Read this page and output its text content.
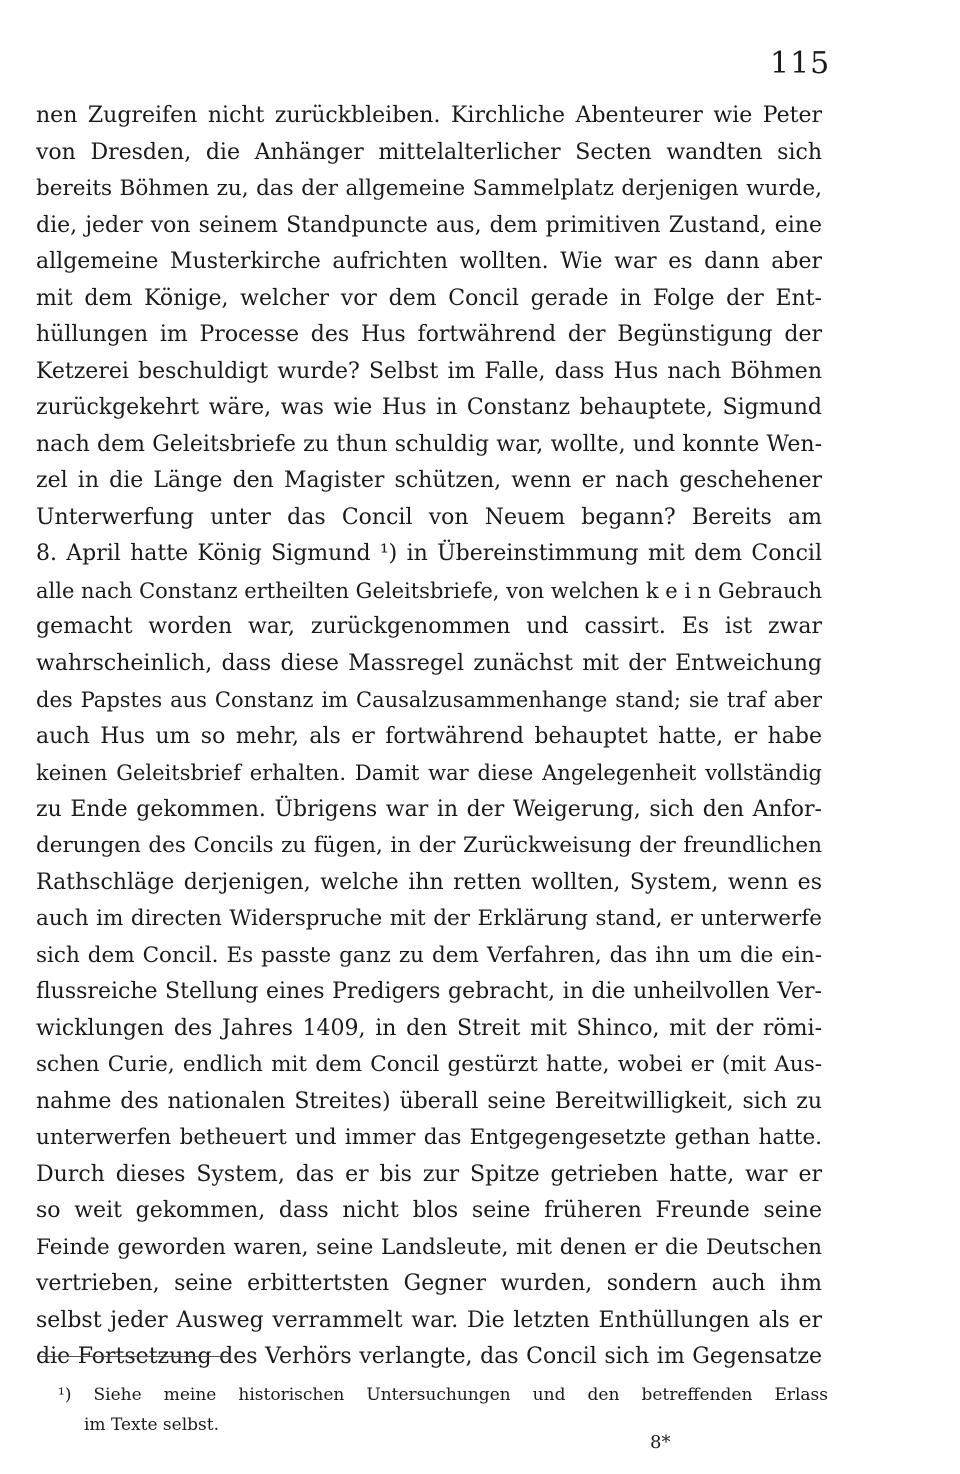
115
nen Zugreifen nicht zurückbleiben. Kirchliche Abenteurer wie Peter
von Dresden, die Anhänger mittelalterlicher Secten wandten sich
bereits Böhmen zu, das der allgemeine Sammelplatz derjenigen wurde,
die, jeder von seinem Standpuncte aus, dem primitiven Zustand, eine
allgemeine Musterkirche aufrichten wollten. Wie war es dann aber
mit dem Könige, welcher vor dem Concil gerade in Folge der Ent-
hüllungen im Processe des Hus fortwährend der Begünstigung der
Ketzerei beschuldigt wurde? Selbst im Falle, dass Hus nach Böhmen
zurückgekehrt wäre, was wie Hus in Constanz behauptete, Sigmund
nach dem Geleitsbriefe zu thun schuldig war, wollte, und konnte Wen-
zel in die Länge den Magister schützen, wenn er nach geschehener
Unterwerfung unter das Concil von Neuem begann? Bereits am
8. April hatte König Sigmund ¹) in Übereinstimmung mit dem Concil
alle nach Constanz ertheilten Geleitsbriefe, von welchen k e i n Gebrauch
gemacht worden war, zurückgenommen und cassirt. Es ist zwar
wahrscheinlich, dass diese Massregel zunächst mit der Entweichung
des Papstes aus Constanz im Causalzusammenhange stand; sie traf aber
auch Hus um so mehr, als er fortwährend behauptet hatte, er habe
keinen Geleitsbrief erhalten. Damit war diese Angelegenheit vollständig
zu Ende gekommen. Übrigens war in der Weigerung, sich den Anfor-
derungen des Concils zu fügen, in der Zurückweisung der freundlichen
Rathschläge derjenigen, welche ihn retten wollten, System, wenn es
auch im directen Widerspruche mit der Erklärung stand, er unterwerfe
sich dem Concil. Es passte ganz zu dem Verfahren, das ihn um die ein-
flussreiche Stellung eines Predigers gebracht, in die unheilvollen Ver-
wicklungen des Jahres 1409, in den Streit mit Shinco, mit der römi-
schen Curie, endlich mit dem Concil gestürzt hatte, wobei er (mit Aus-
nahme des nationalen Streites) überall seine Bereitwilligkeit, sich zu
unterwerfen betheuert und immer das Entgegengesetzte gethan hatte.
Durch dieses System, das er bis zur Spitze getrieben hatte, war er
so weit gekommen, dass nicht blos seine früheren Freunde seine
Feinde geworden waren, seine Landsleute, mit denen er die Deutschen
vertrieben, seine erbittertsten Gegner wurden, sondern auch ihm
selbst jeder Ausweg verrammelt war. Die letzten Enthüllungen als er
die Fortsetzung des Verhörs verlangte, das Concil sich im Gegensatze
¹) Siehe meine historischen Untersuchungen und den betreffenden Erlass
im Texte selbst.
8*
